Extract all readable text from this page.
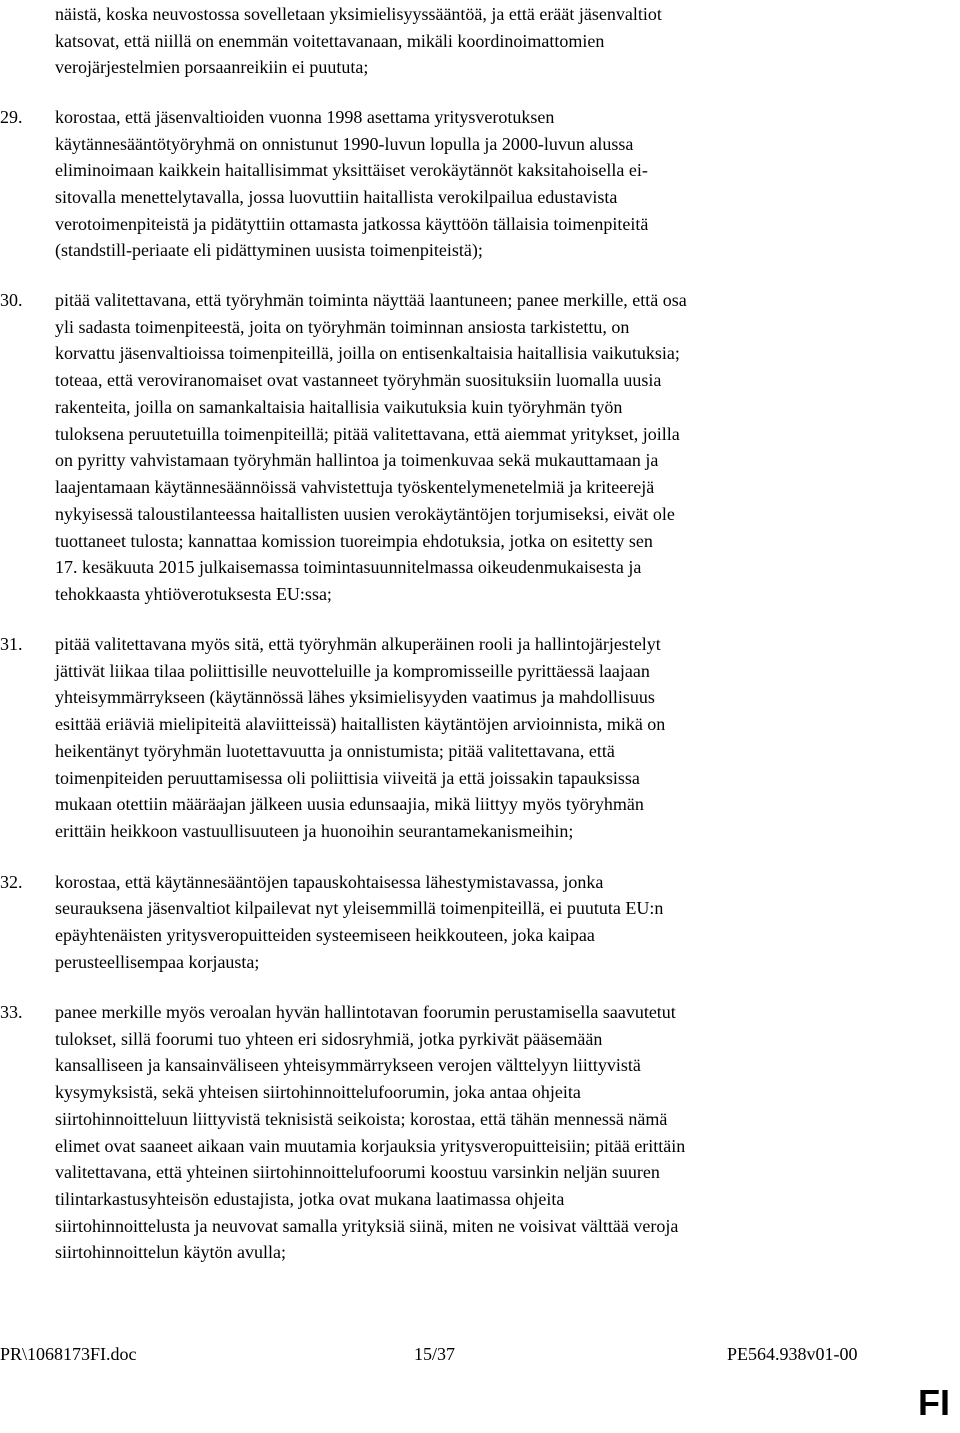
näistä, koska neuvostossa sovelletaan yksimielisyyssääntöä, ja että eräät jäsenvaltiot
katsovat, että niillä on enemmän voitettavanaan, mikäli koordinoimattomien
verojärjestelmien porsaanreikiin ei puututa;
29. korostaa, että jäsenvaltioiden vuonna 1998 asettama yritysverotuksen
käytännesääntötyöryhmä on onnistunut 1990-luvun lopulla ja 2000-luvun alussa
eliminoimaan kaikkein haitallisimmat yksittäiset verokäytännöt kaksitahoisella ei-
sitovalla menettelytavalla, jossa luovuttiin haitallista verokilpailua edustavista
verotoimenpiteistä ja pidätyttiin ottamasta jatkossa käyttöön tällaisia toimenpiteitä
(standstill-periaate eli pidättyminen uusista toimenpiteistä);
30. pitää valitettavana, että työryhmän toiminta näyttää laantuneen; panee merkille, että osa
yli sadasta toimenpiteestä, joita on työryhmän toiminnan ansiosta tarkistettu, on
korvattu jäsenvaltioissa toimenpiteillä, joilla on entisenkaltaisia haitallisia vaikutuksia;
toteaa, että veroviranomaiset ovat vastanneet työryhmän suosituksiin luomalla uusia
rakenteita, joilla on samankaltaisia haitallisia vaikutuksia kuin työryhmän työn
tuloksena peruutetuilla toimenpiteillä; pitää valitettavana, että aiemmat yritykset, joilla
on pyritty vahvistamaan työryhmän hallintoa ja toimenkuvaa sekä mukauttamaan ja
laajentamaan käytännesäännöissä vahvistettuja työskentelymenetelmiä ja kriteerejä
nykyisessä taloustilanteessa haitallisten uusien verokäytäntöjen torjumiseksi, eivät ole
tuottaneet tulosta; kannattaa komission tuoreimpia ehdotuksia, jotka on esitetty sen
17. kesäkuuta 2015 julkaisemassa toimintasuunnitelmassa oikeudenmukaisesta ja
tehokkaasta yhtiöverotuksesta EU:ssa;
31. pitää valitettavana myös sitä, että työryhmän alkuperäinen rooli ja hallintojärjestelyt
jättivät liikaa tilaa poliittisille neuvotteluille ja kompromisseille pyrittäessä laajaan
yhteisymmärrykseen (käytännössä lähes yksimielisyyden vaatimus ja mahdollisuus
esittää eriäviä mielipiteitä alaviitteissä) haitallisten käytäntöjen arvioinnista, mikä on
heikentänyt työryhmän luotettavuutta ja onnistumista; pitää valitettavana, että
toimenpiteiden peruuttamisessa oli poliittisia viiveitä ja että joissakin tapauksissa
mukaan otettiin määräajan jälkeen uusia edunsaajia, mikä liittyy myös työryhmän
erittäin heikkoon vastuullisuuteen ja huonoihin seurantamekanismeihin;
32. korostaa, että käytännesääntöjen tapauskohtaisessa lähestymistavassa, jonka
seurauksena jäsenvaltiot kilpailevat nyt yleisemmillä toimenpiteillä, ei puututa EU:n
epäyhtenäisten yritysveropuitteiden systeemiseen heikkouteen, joka kaipaa
perusteellisempaa korjausta;
33. panee merkille myös veroalan hyvän hallintotavan foorumin perustamisella saavutetut
tulokset, sillä foorumi tuo yhteen eri sidosryhmiä, jotka pyrkivät pääsemään
kansalliseen ja kansainväliseen yhteisymmärrykseen verojen välttelyyn liittyvistä
kysymyksistä, sekä yhteisen siirtohinnoittelufoorumin, joka antaa ohjeita
siirtohinnoitteluun liittyvistä teknisistä seikoista; korostaa, että tähän mennessä nämä
elimet ovat saaneet aikaan vain muutamia korjauksia yritysveropuitteisiin; pitää erittäin
valitettavana, että yhteinen siirtohinnoittelufoorumi koostuu varsinkin neljän suuren
tilintarkastusyhteisön edustajista, jotka ovat mukana laatimassa ohjeita
siirtohinnoittelusta ja neuvovat samalla yrityksiä siinä, miten ne voisivat välttää veroja
siirtohinnoittelun käytön avulla;
PR\1068173FI.doc	15/37	PE564.938v01-00
FI
